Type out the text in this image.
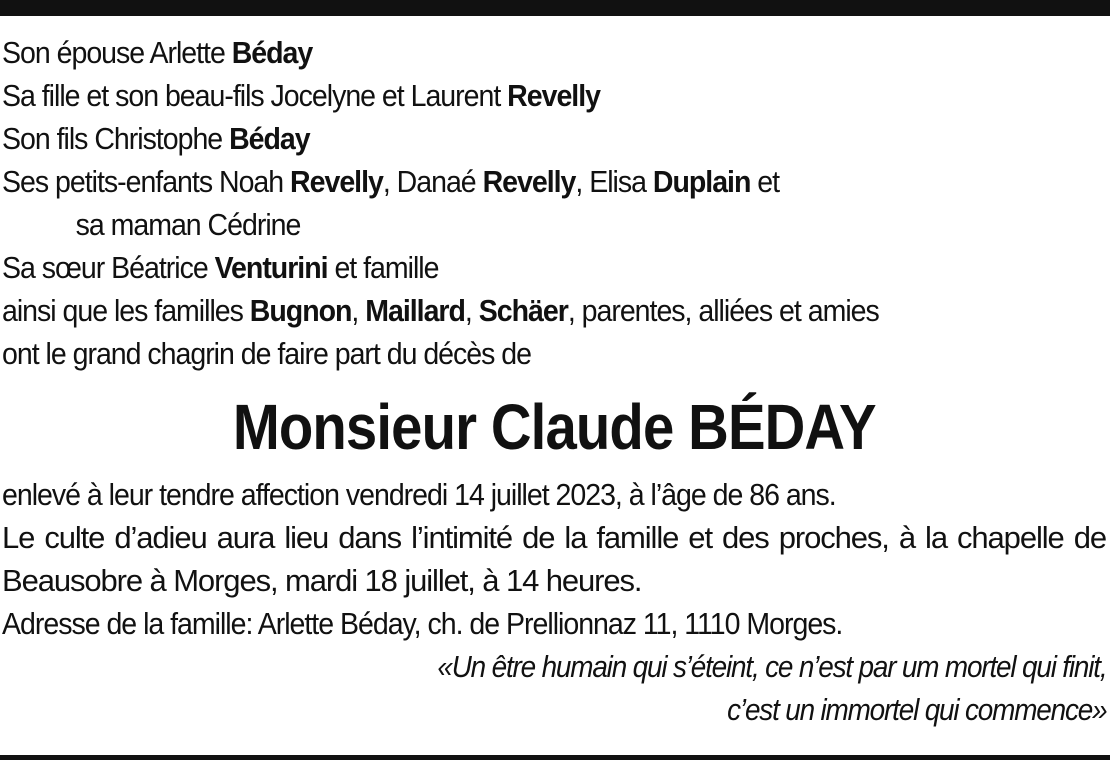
Son épouse Arlette Béday
Sa fille et son beau-fils Jocelyne et Laurent Revelly
Son fils Christophe Béday
Ses petits-enfants Noah Revelly, Danaé Revelly, Elisa Duplain et
sa maman Cédrine
Sa sœur Béatrice Venturini et famille
ainsi que les familles Bugnon, Maillard, Schäer, parentes, alliées et amies
ont le grand chagrin de faire part du décès de
Monsieur Claude BÉDAY
enlevé à leur tendre affection vendredi 14 juillet 2023, à l’âge de 86 ans.
Le culte d’adieu aura lieu dans l’intimité de la famille et des proches, à la chapelle de Beausobre à Morges, mardi 18 juillet, à 14 heures.
Adresse de la famille: Arlette Béday, ch. de Prellionnaz 11, 1110 Morges.
«Un être humain qui s’éteint, ce n’est par um mortel qui finit,
c’est un immortel qui commence»
